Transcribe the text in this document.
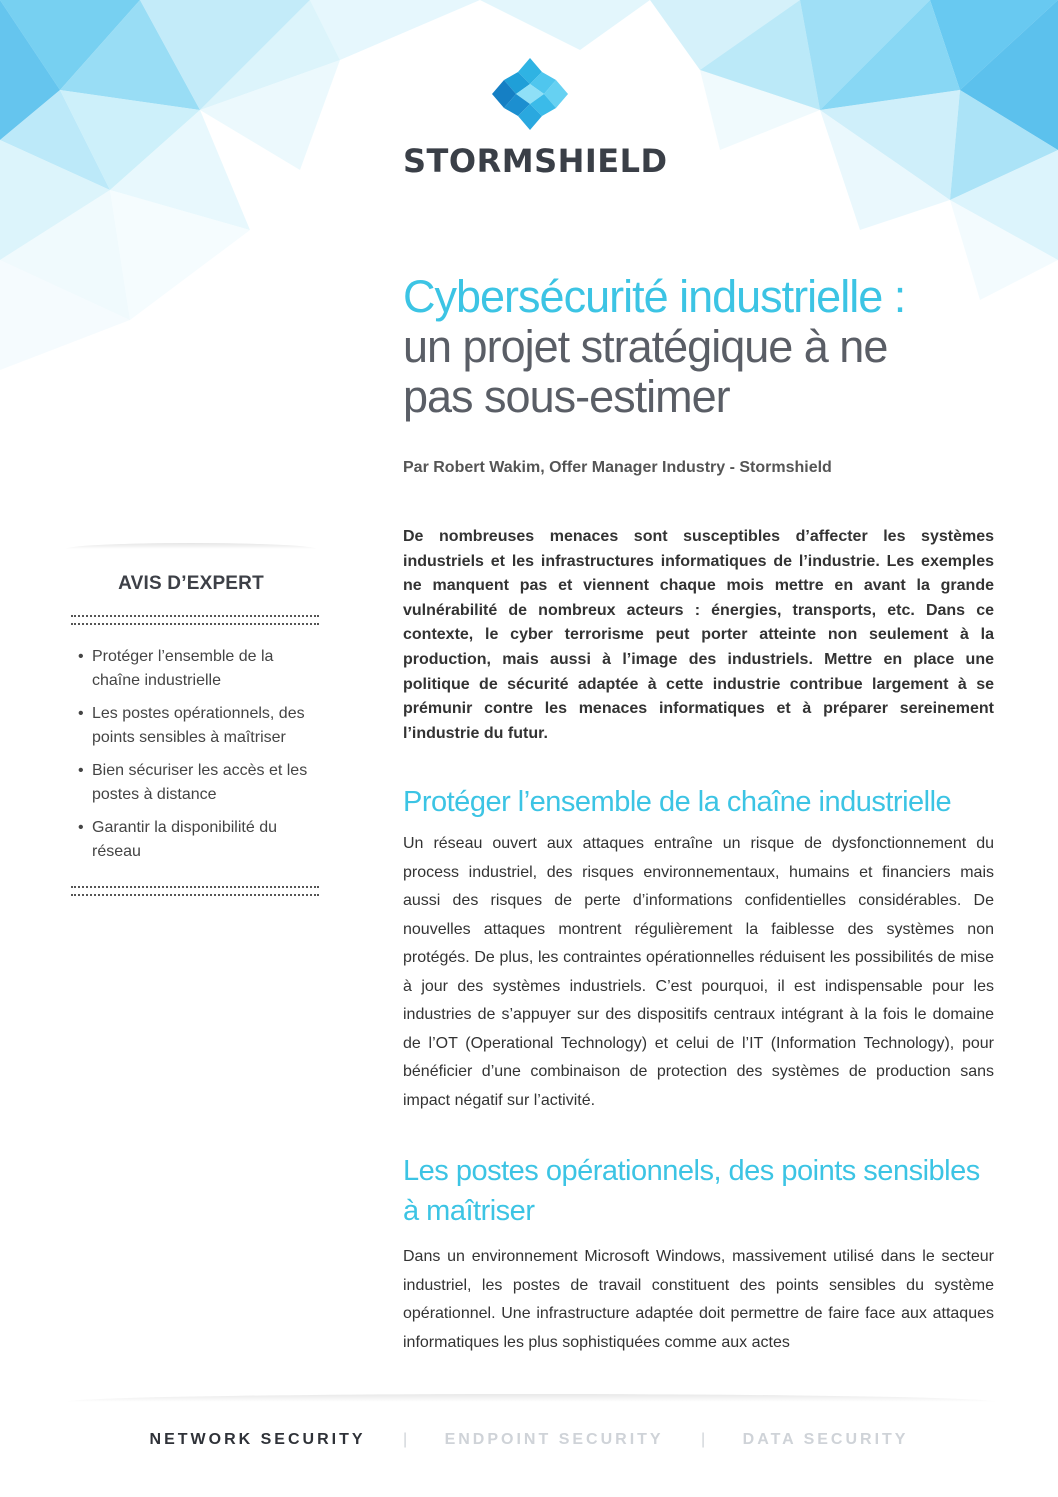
STORMSHIELD
Cybersécurité industrielle :
un projet stratégique à ne
pas sous-estimer
Par Robert Wakim, Offer Manager Industry - Stormshield
AVIS D’EXPERT
• Protéger l’ensemble de la chaîne industrielle
• Les postes opérationnels, des points sensibles à maîtriser
• Bien sécuriser les accès et les postes à distance
• Garantir la disponibilité du réseau

De nombreuses menaces sont susceptibles d’affecter les systèmes industriels et les infrastructures informatiques de l’industrie. Les exemples ne manquent pas et viennent chaque mois mettre en avant la grande vulnérabilité de nombreux acteurs : énergies, transports, etc. Dans ce contexte, le cyber terrorisme peut porter atteinte non seulement à la production, mais aussi à l’image des industriels. Mettre en place une politique de sécurité adaptée à cette industrie contribue largement à se prémunir contre les menaces informatiques et à préparer sereinement l’industrie du futur.

Protéger l’ensemble de la chaîne industrielle

Un réseau ouvert aux attaques entraîne un risque de dysfonctionnement du process industriel, des risques environnementaux, humains et financiers mais aussi des risques de perte d’informations confidentielles considérables. De nouvelles attaques montrent régulièrement la faiblesse des systèmes non protégés. De plus, les contraintes opérationnelles réduisent les possibilités de mise à jour des systèmes industriels. C’est pourquoi, il est indispensable pour les industries de s’appuyer sur des dispositifs centraux intégrant à la fois le domaine de l’OT (Operational Technology) et celui de l’IT (Information Technology), pour bénéficier d’une combinaison de protection des systèmes de production sans impact négatif sur l’activité.

Les postes opérationnels, des points sensibles à maîtriser

Dans un environnement Microsoft Windows, massivement utilisé dans le secteur industriel, les postes de travail constituent des points sensibles du système opérationnel. Une infrastructure adaptée doit permettre de faire face aux attaques informatiques les plus sophistiquées comme aux actes

NETWORK SECURITY | ENDPOINT SECURITY | DATA SECURITY
